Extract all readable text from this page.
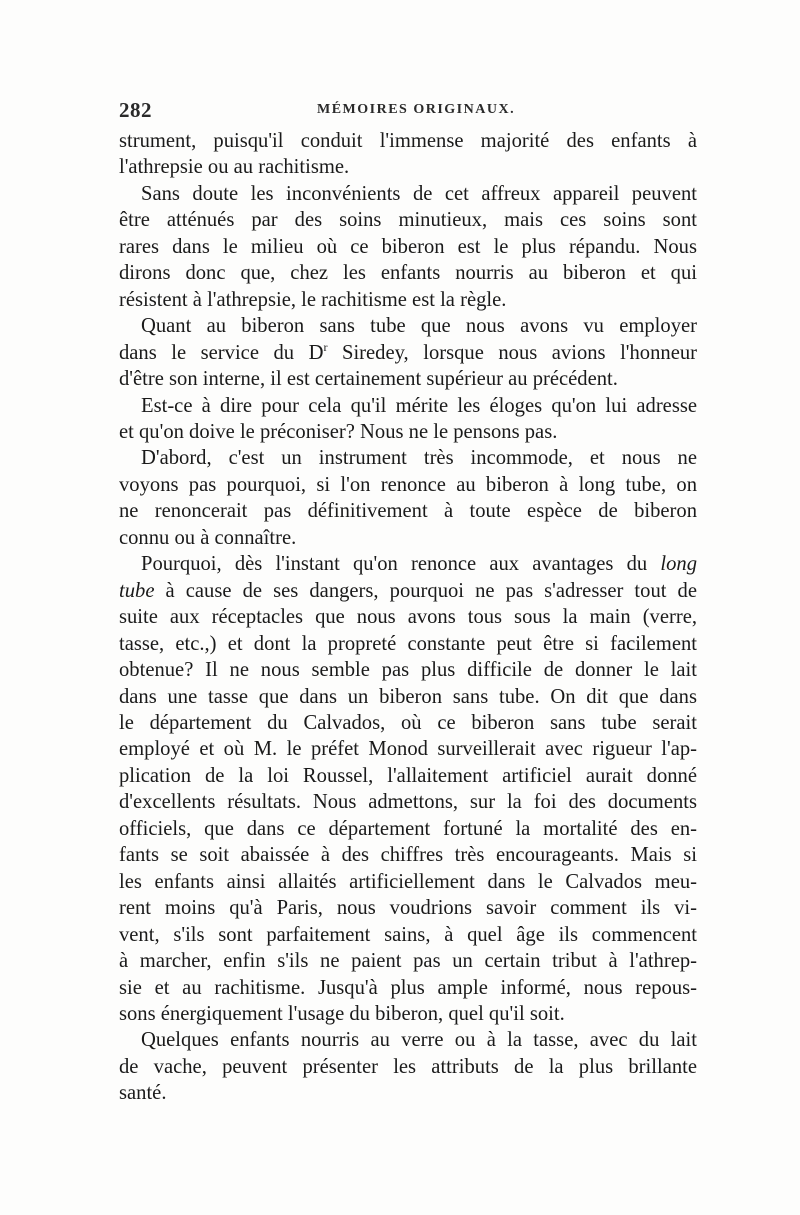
282	MÉMOIRES ORIGINAUX.

strument, puisqu'il conduit l'immense majorité des enfants à
l'athrepsie ou au rachitisme.

Sans doute les inconvénients de cet affreux appareil peuvent
être atténués par des soins minutieux, mais ces soins sont
rares dans le milieu où ce biberon est le plus répandu. Nous
dirons donc que, chez les enfants nourris au biberon et qui
résistent à l'athrepsie, le rachitisme est la règle.

Quant au biberon sans tube que nous avons vu employer
dans le service du $D^r$ Siredey, lorsque nous avions l'honneur
d'être son interne, il est certainement supérieur au précédent.

Est-ce à dire pour cela qu'il mérite les éloges qu'on lui adresse
et qu'on doive le préconiser? Nous ne le pensons pas.

D'abord, c'est un instrument très incommode, et nous ne
voyons pas pourquoi, si l'on renonce au biberon à long tube, on
ne renoncerait pas définitivement à toute espèce de biberon
connu ou à connaître.

Pourquoi, dès l'instant qu'on renonce aux avantages du long
tube à cause de ses dangers, pourquoi ne pas s'adresser tout de
suite aux réceptacles que nous avons tous sous la main (verre,
tasse, etc.,) et dont la propreté constante peut être si facilement
obtenue? Il ne nous semble pas plus difficile de donner le lait
dans une tasse que dans un biberon sans tube. On dit que dans
le département du Calvados, où ce biberon sans tube serait
employé et où M. le préfet Monod surveillerait avec rigueur l'ap-
plication de la loi Roussel, l'allaitement artificiel aurait donné
d'excellents résultats. Nous admettons, sur la foi des documents
officiels, que dans ce département fortuné la mortalité des en-
fants se soit abaissée à des chiffres très encourageants. Mais si
les enfants ainsi allaités artificiellement dans le Calvados meu-
rent moins qu'à Paris, nous voudrions savoir comment ils vi-
vent, s'ils sont parfaitement sains, à quel âge ils commencent
à marcher, enfin s'ils ne paient pas un certain tribut à l'athrep-
sie et au rachitisme. Jusqu'à plus ample informé, nous repous-
sons énergiquement l'usage du biberon, quel qu'il soit.

Quelques enfants nourris au verre ou à la tasse, avec du lait
de vache, peuvent présenter les attributs de la plus brillante
santé.
